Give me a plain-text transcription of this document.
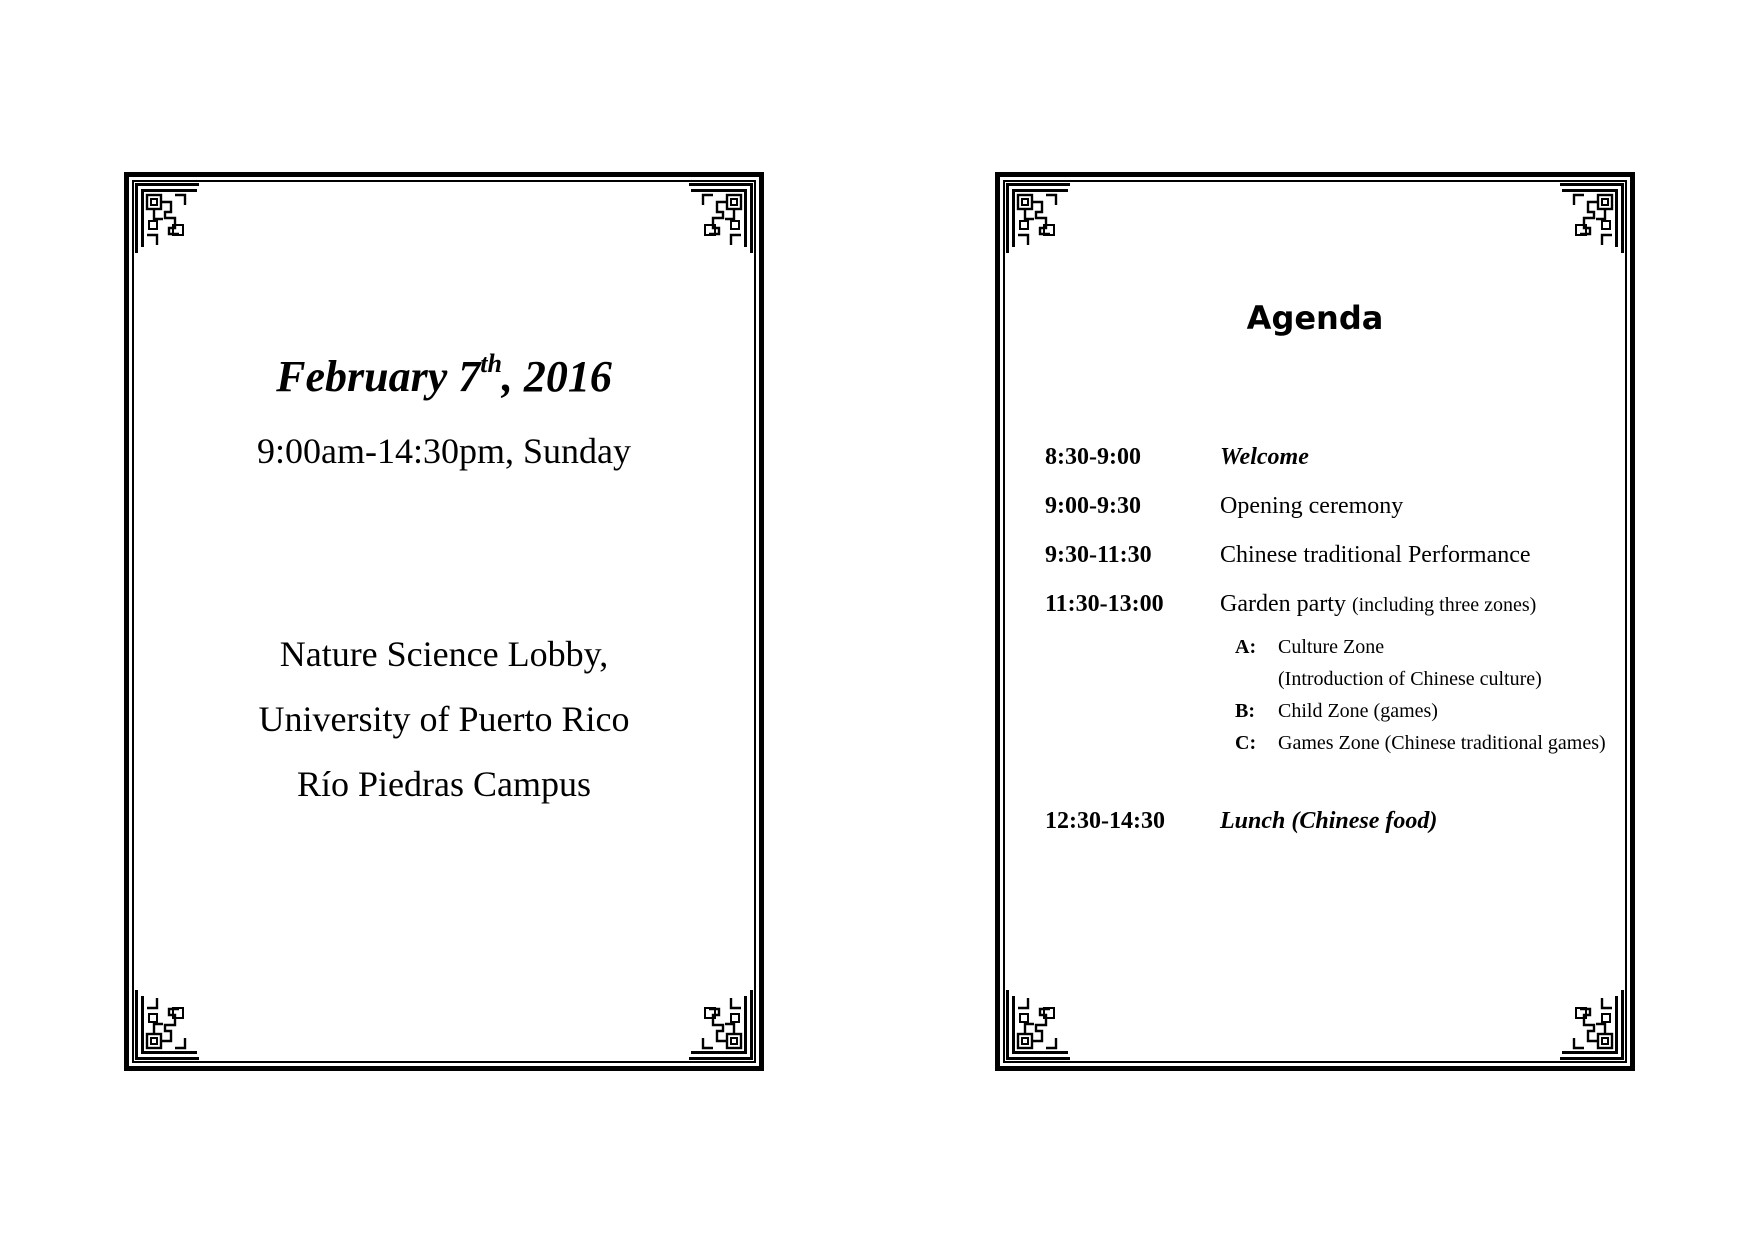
February 7th, 2016
9:00am-14:30pm, Sunday
Nature Science Lobby,
University of Puerto Rico
Río Piedras Campus
Agenda
8:30-9:00	Welcome
9:00-9:30	Opening ceremony
9:30-11:30	Chinese traditional Performance
11:30-13:00	Garden party (including three zones)
A:	Culture Zone
(Introduction of Chinese culture)
B:	Child Zone (games)
C:	Games Zone (Chinese traditional games)
12:30-14:30	Lunch (Chinese food)
